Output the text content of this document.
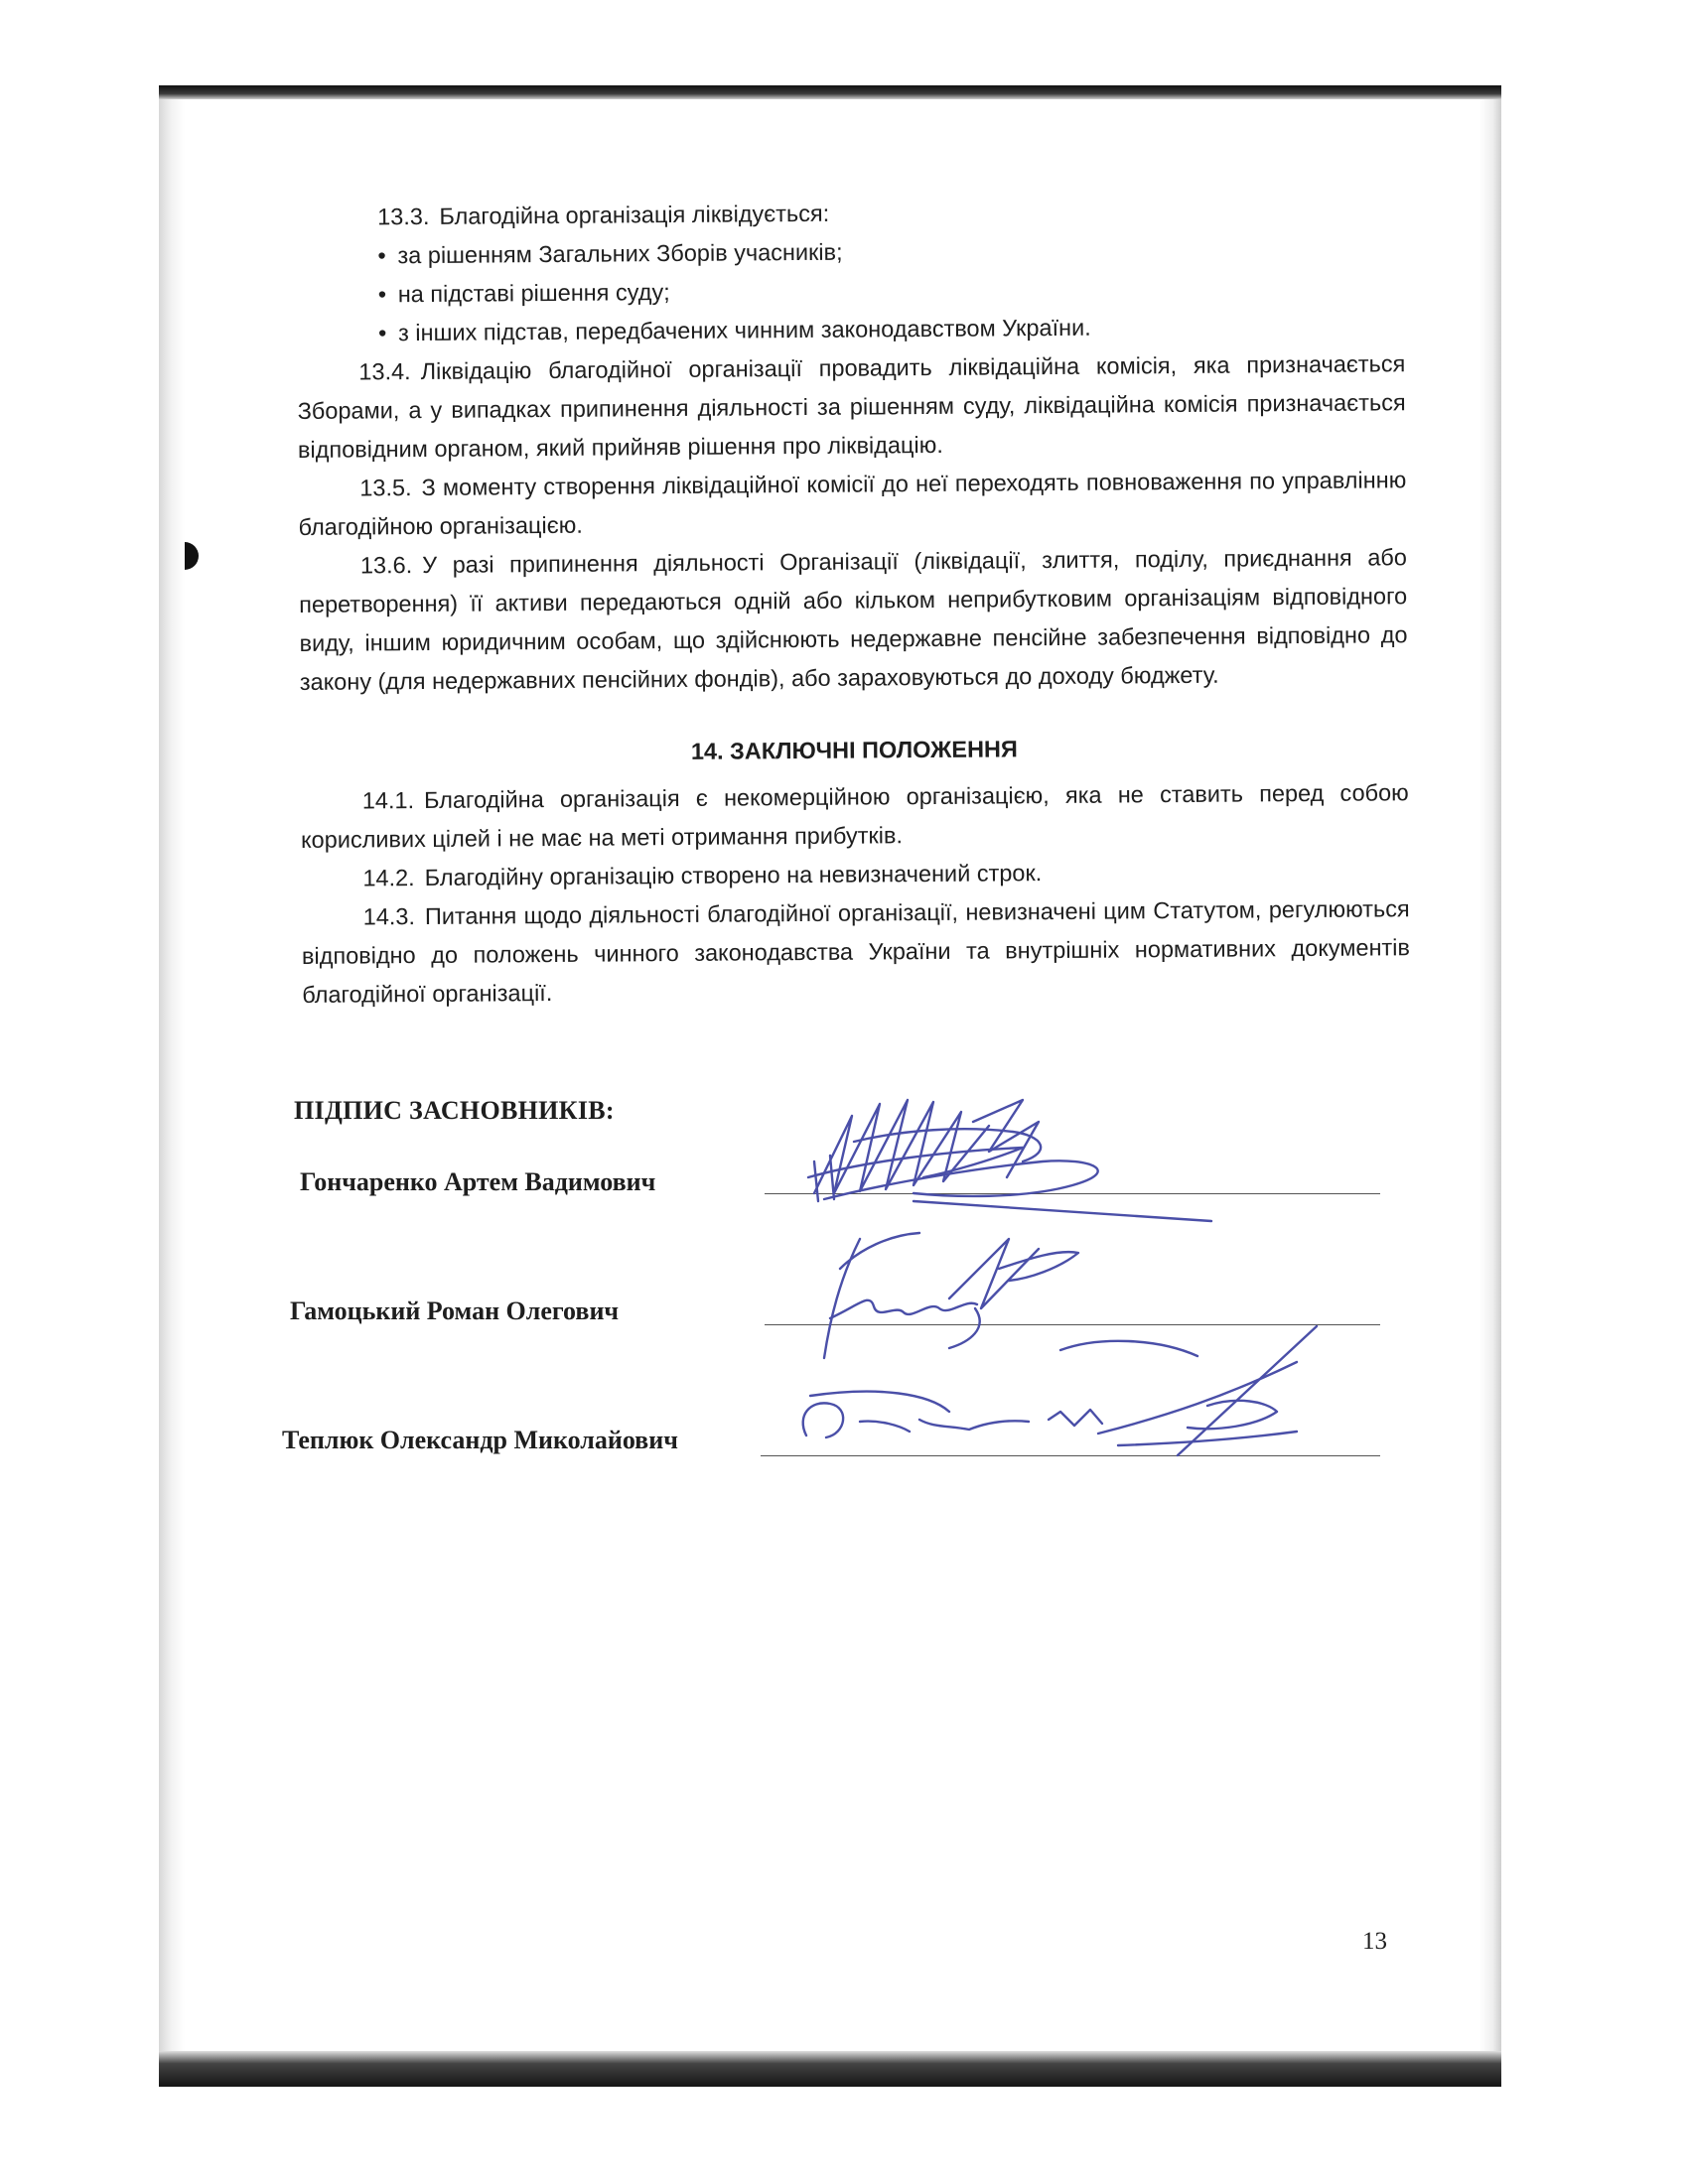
13.3. Благодійна організація ліквідується:

• за рішенням Загальних Зборів учасників;

• на підставі рішення суду;

• з інших підстав, передбачених чинним законодавством України.

13.4. Ліквідацію благодійної організації провадить ліквідаційна комісія, яка призначається Зборами, а у випадках припинення діяльності за рішенням суду, ліквідаційна комісія призначається відповідним органом, який прийняв рішення про ліквідацію.

13.5. З моменту створення ліквідаційної комісії до неї переходять повноваження по управлінню благодійною організацією.

13.6. У разі припинення діяльності Організації (ліквідації, злиття, поділу, приєднання або перетворення) її активи передаються одній або кільком неприбутковим організаціям відповідного виду, іншим юридичним особам, що здійснюють недержавне пенсійне забезпечення відповідно до закону (для недержавних пенсійних фондів), або зараховуються до доходу бюджету.

14. ЗАКЛЮЧНІ ПОЛОЖЕННЯ

14.1. Благодійна організація є некомерційною організацією, яка не ставить перед собою корисливих цілей і не має на меті отримання прибутків.

14.2. Благодійну організацію створено на невизначений строк.

14.3. Питання щодо діяльності благодійної організації, невизначені цим Статутом, регулюються відповідно до положень чинного законодавства України та внутрішніх нормативних документів благодійної організації.

ПІДПИС ЗАСНОВНИКІВ:
Гончаренко Артем Вадимович
Гамоцький Роман Олегович
Теплюк Олександр Миколайович
13
